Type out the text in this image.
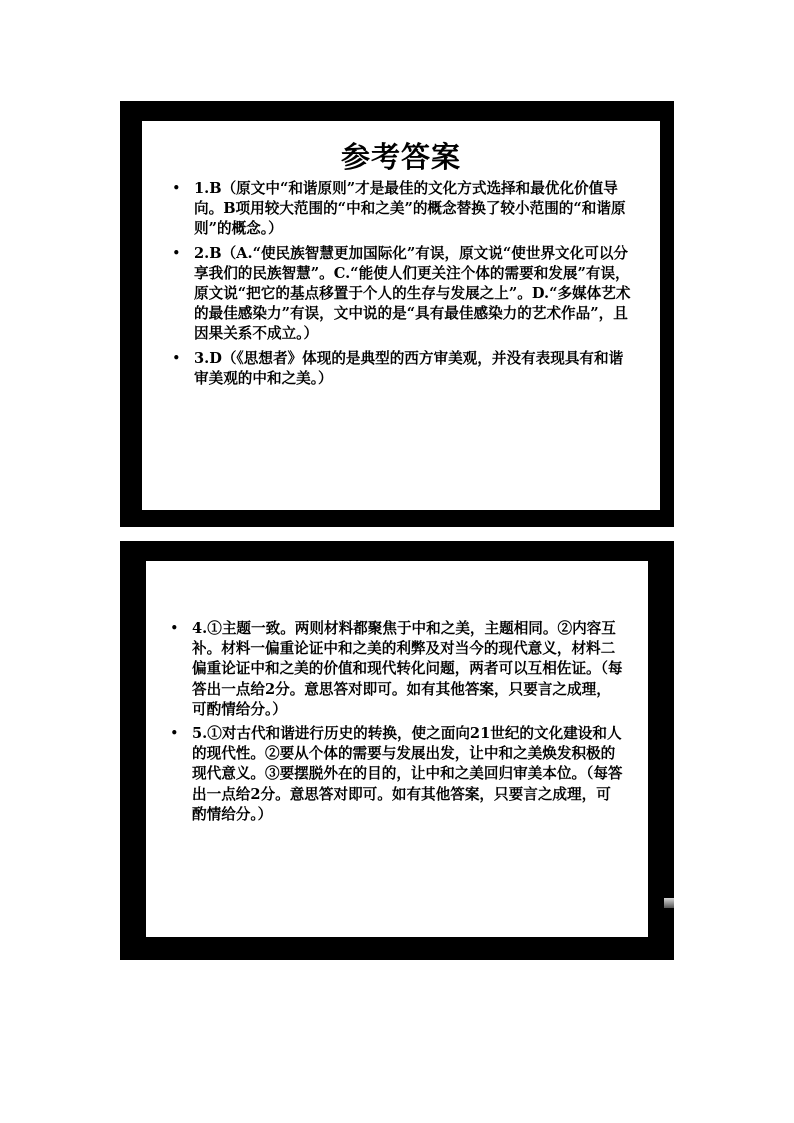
参考答案
• 1.B（原文中“和谐原则”才是最佳的文化方式选择和最优化价值导向。B项用较大范围的“中和之美”的概念替换了较小范围的“和谐原则”的概念。）
• 2.B（A.“使民族智慧更加国际化”有误，原文说“使世界文化可以分享我们的民族智慧”。C.“能使人们更关注个体的需要和发展”有误，原文说“把它的基点移置于个人的生存与发展之上”。D.“多媒体艺术的最佳感染力”有误，文中说的是“具有最佳感染力的艺术作品”，且因果关系不成立。）
• 3.D（《思想者》体现的是典型的西方审美观，并没有表现具有和谐审美观的中和之美。）
• 4.①主题一致。两则材料都聚焦于中和之美，主题相同。②内容互补。材料一偏重论证中和之美的利弊及对当今的现代意义，材料二偏重论证中和之美的价值和现代转化问题，两者可以互相佐证。（每答出一点给2分。意思答对即可。如有其他答案，只要言之成理，可酌情给分。）
• 5.①对古代和谐进行历史的转换，使之面向21世纪的文化建设和人的现代性。②要从个体的需要与发展出发，让中和之美焕发积极的现代意义。③要摆脱外在的目的，让中和之美回归审美本位。（每答出一点给2分。意思答对即可。如有其他答案，只要言之成理，可酌情给分。）
